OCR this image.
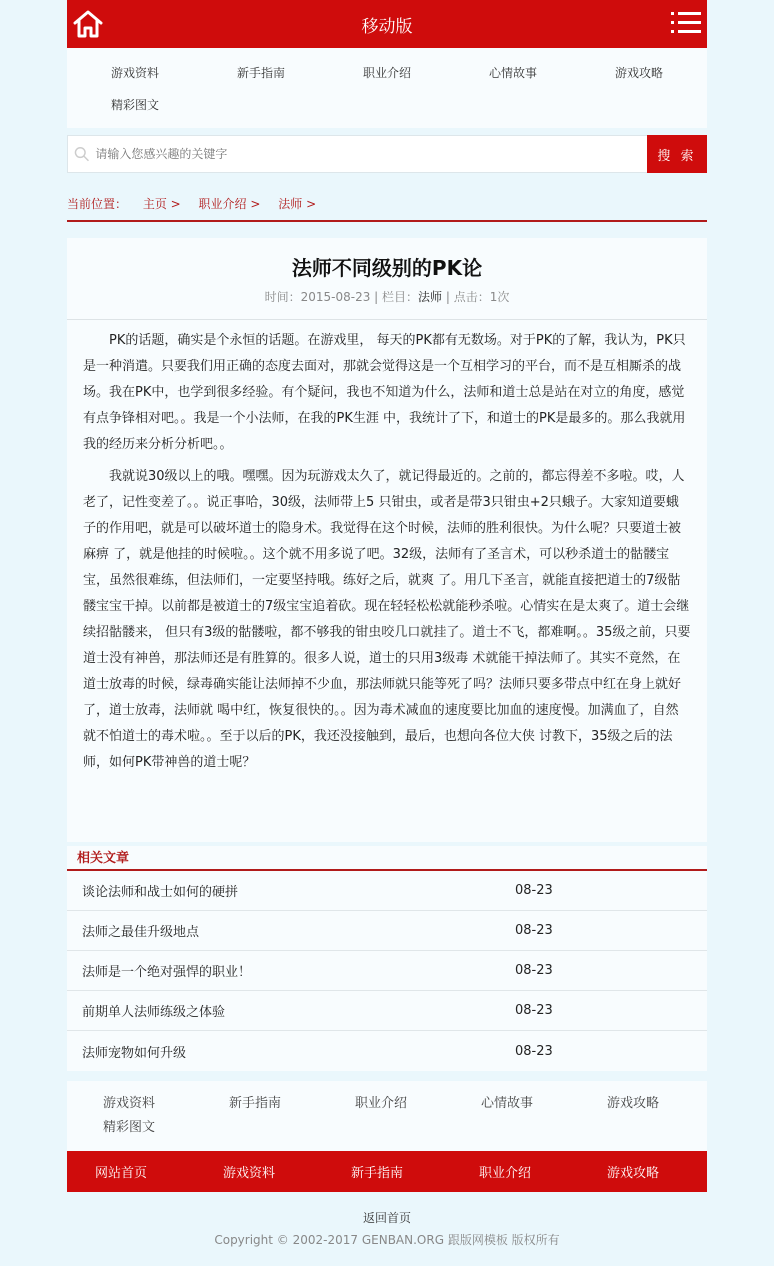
移动版
游戏资料	新手指南	职业介绍	心情故事	游戏攻略
精彩图文
请输入您感兴趣的关键字
搜 索
当前位置： 主页 > 职业介绍 > 法师 >
法师不同级别的PK论
时间：2015-08-23 | 栏目：法师 | 点击：1次

PK的话题，确实是个永恒的话题。在游戏里， 每天的PK都有无数场。对于PK的了解，我认为，PK只是一种消遣。只要我们用正确的态度去面对，那就会觉得这是一个互相学习的平台，而不是互相厮杀的战 场。我在PK中，也学到很多经验。有个疑问，我也不知道为什么，法师和道士总是站在对立的角度，感觉有点争锋相对吧。。我是一个小法师，在我的PK生涯 中，我统计了下，和道士的PK是最多的。那么我就用我的经历来分析分析吧。。

我就说30级以上的哦。嘿嘿。因为玩游戏太久了，就记得最近的。之前的，都忘得差不多啦。哎，人老了，记性变差了。。说正事哈，30级，法师带上5 只钳虫，或者是带3只钳虫+2只蛾子。大家知道要蛾子的作用吧，就是可以破坏道士的隐身术。我觉得在这个时候，法师的胜利很快。为什么呢？只要道士被麻痹 了，就是他挂的时候啦。。这个就不用多说了吧。32级，法师有了圣言术，可以秒杀道士的骷髅宝宝，虽然很难练，但法师们，一定要坚持哦。练好之后，就爽 了。用几下圣言，就能直接把道士的7级骷髅宝宝干掉。以前都是被道士的7级宝宝追着砍。现在轻轻松松就能秒杀啦。心情实在是太爽了。道士会继续招骷髅来， 但只有3级的骷髅啦，都不够我的钳虫咬几口就挂了。道士不飞，都难啊。。35级之前，只要道士没有神兽，那法师还是有胜算的。很多人说，道士的只用3级毒 术就能干掉法师了。其实不竟然，在道士放毒的时候，绿毒确实能让法师掉不少血，那法师就只能等死了吗？法师只要多带点中红在身上就好了，道士放毒，法师就 喝中红，恢复很快的。。因为毒术减血的速度要比加血的速度慢。加满血了，自然就不怕道士的毒术啦。。至于以后的PK，我还没接触到，最后，也想向各位大侠 讨教下，35级之后的法师，如何PK带神兽的道士呢？

相关文章
谈论法师和战士如何的硬拼	08-23
法师之最佳升级地点	08-23
法师是一个绝对强悍的职业！	08-23
前期单人法师练级之体验	08-23
法师宠物如何升级	08-23
游戏资料	新手指南	职业介绍	心情故事	游戏攻略
精彩图文
网站首页	游戏资料	新手指南	职业介绍	游戏攻略
返回首页
Copyright © 2002-2017 GENBAN.ORG 跟版网模板 版权所有
